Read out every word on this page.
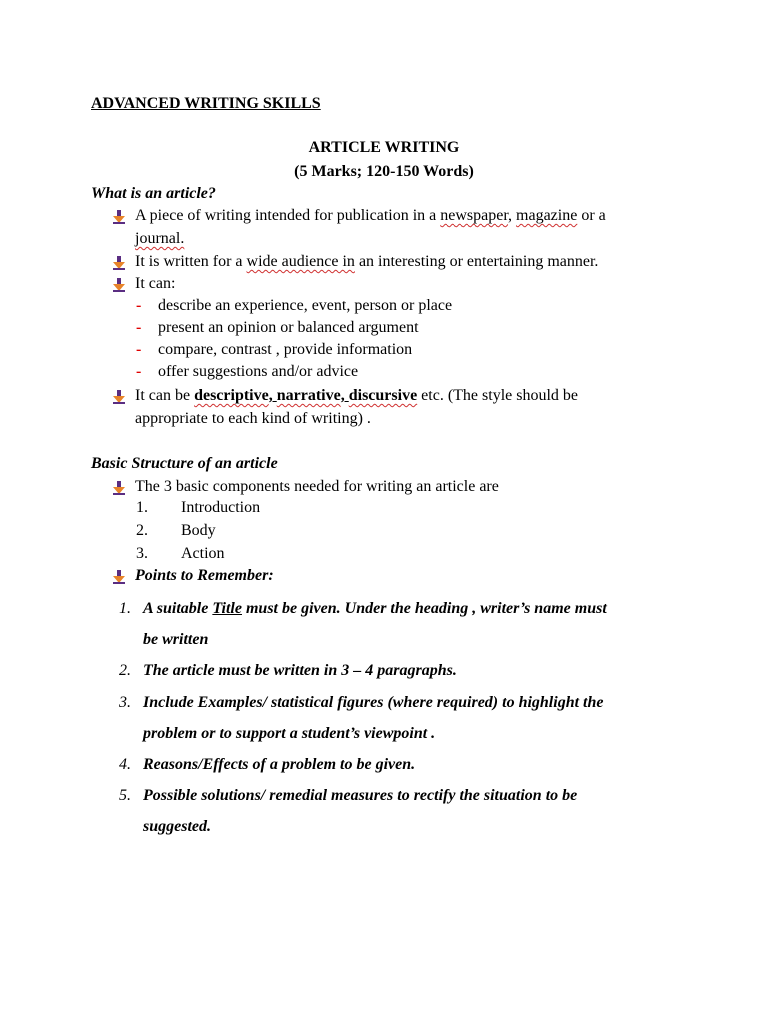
ADVANCED WRITING SKILLS
ARTICLE WRITING
(5 Marks; 120-150 Words)
What is an article?
A piece of writing intended for publication in a newspaper, magazine or a
journal.
It is written for a wide audience in an interesting or entertaining manner.
It can:
- describe an experience, event, person or place
- present an opinion or balanced argument
- compare, contrast , provide information
- offer suggestions and/or advice
It can be descriptive, narrative, discursive etc. (The style should be
appropriate to each kind of writing) .
Basic Structure of an article
The 3 basic components needed for writing an article are
1. Introduction
2. Body
3. Action
Points to Remember:
1. A suitable Title must be given. Under the heading , writer’s name must
be written
2. The article must be written in 3 – 4 paragraphs.
3. Include Examples/ statistical figures (where required) to highlight the
problem or to support a student’s viewpoint .
4. Reasons/Effects of a problem to be given.
5. Possible solutions/ remedial measures to rectify the situation to be
suggested.
